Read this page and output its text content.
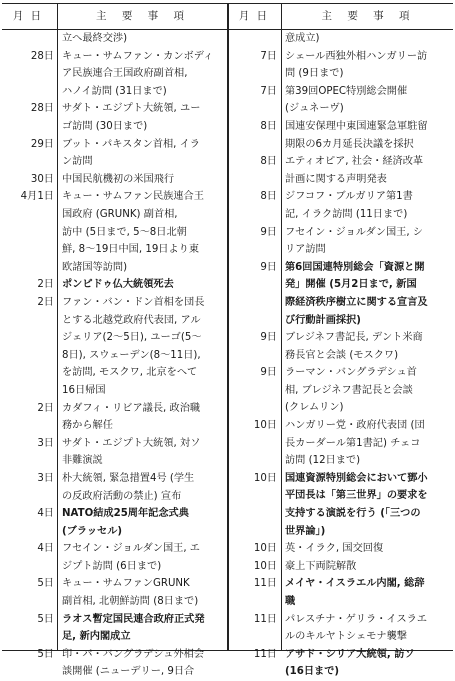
月 日	主 要 事 項	月 日	主 要 事 項
立へ最終交渉)
28日 キュー・サムファン・カンボディ
ア民族連合王国政府副首相,
ハノイ訪問 (31日まで)
28日 サダト・エジプト大統領, ユー
ゴ訪問 (30日まで)
29日 ブット・パキスタン首相, イラ
ン訪問
30日 中国民航機初の米国飛行
4月1日 キュー・サムファン民族連合王
国政府 (GRUNK) 副首相,
訪中 (5日まで, 5〜8日北朝
鮮, 8〜19日中国, 19日より東
欧諸国等訪問)
2日 ポンピドゥ仏大統領死去
2日 ファン・バン・ドン首相を団長
とする北越党政府代表団, アル
ジェリア(2〜5日), ユーゴ(5〜
8日), スウェーデン(8〜11日),
を訪問, モスクワ, 北京をへて
16日帰国
2日 カダフィ・リビア議長, 政治職
務から解任
3日 サダト・エジプト大統領, 対ソ
非難演説
3日 朴大統領, 緊急措置4号 (学生
の反政府活動の禁止) 宣布
4日 NATO結成25周年記念式典
(ブラッセル)
4日 フセイン・ジョルダン国王, エ
ジプト訪問 (6日まで)
5日 キュー・サムファンGRUNK
副首相, 北朝鮮訪問 (8日まで)
5日 ラオス暫定国民連合政府正式発
足, 新内閣成立
5日 印・パ・バングラデシュ外相会
談開催 (ニューデリー, 9日合
意成立)
7日 シェール西独外相ハンガリー訪
問 (9日まで)
7日 第39回OPEC特別総会開催
(ジュネーヴ)
8日 国連安保理中東国連緊急軍駐留
期限の6カ月延長決議を採択
8日 エティオピア, 社会・経済改革
計画に関する声明発表
8日 ジフコフ・ブルガリア第1書
記, イラク訪問 (11日まで)
9日 フセイン・ジョルダン国王, シ
リア訪問
9日 第6回国連特別総会「資源と開
発」開催 (5月2日まで, 新国
際経済秩序樹立に関する宣言及
び行動計画採択)
9日 ブレジネフ書記長, デント米商
務長官と会談 (モスクワ)
9日 ラーマン・バングラデシュ首
相, ブレジネフ書記長と会談
(クレムリン)
10日 ハンガリー党・政府代表団 (団
長カーダール第1書記) チェコ
訪問 (12日まで)
10日 国連資源特別総会において鄧小
平団長は「第三世界」の要求を
支持する演説を行う (「三つの
世界論」)
10日 英・イラク, 国交回復
10日 豪上下両院解散
11日 メイヤ・イスラエル内閣, 総辞
職
11日 パレスチナ・ゲリラ・イスラエ
ルのキルヤトシェモナ襲撃
11日 アサド・シリア大統領, 訪ソ
(16日まで)
